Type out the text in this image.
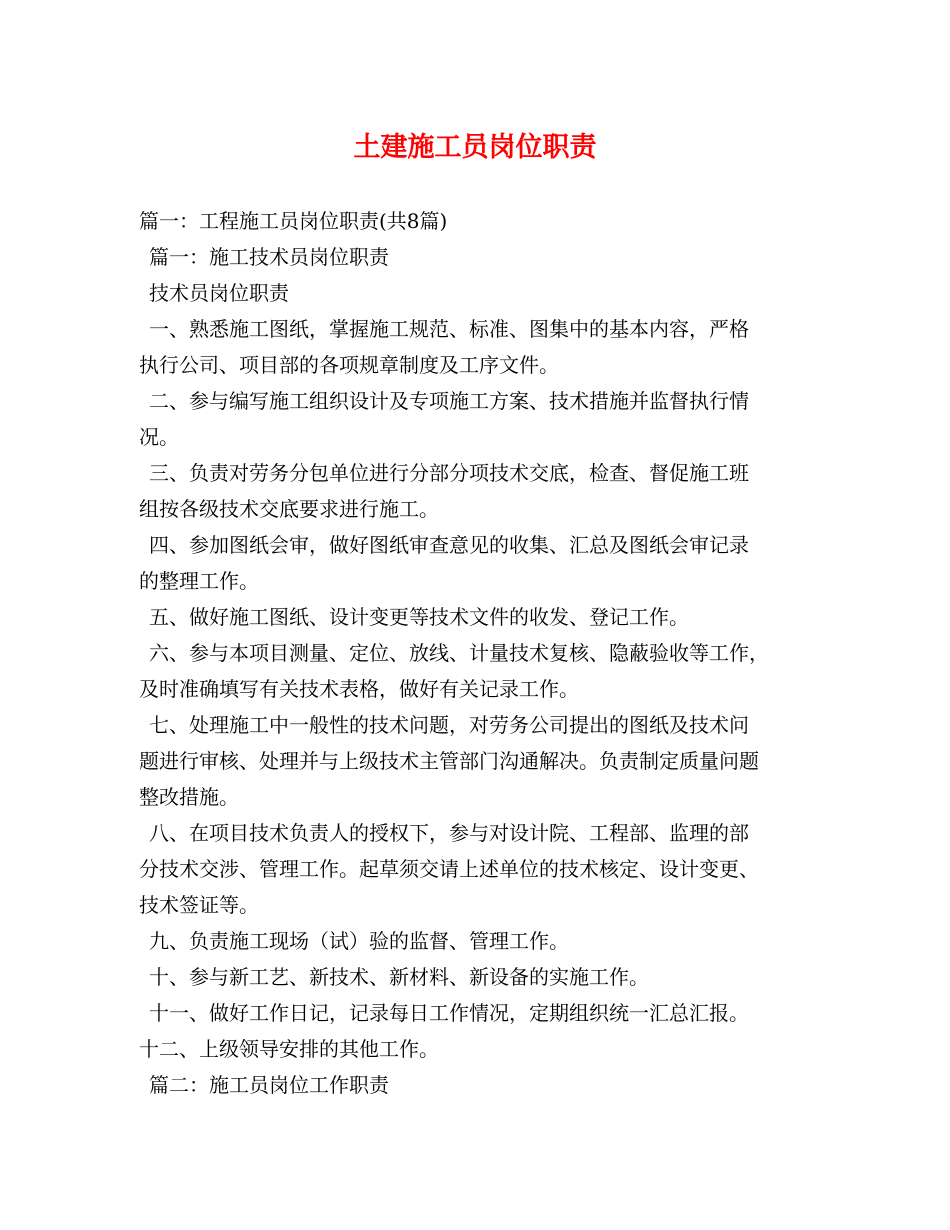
土建施工员岗位职责
篇一：工程施工员岗位职责(共8篇)
篇一：施工技术员岗位职责
技术员岗位职责
一、熟悉施工图纸，掌握施工规范、标准、图集中的基本内容，严格
执行公司、项目部的各项规章制度及工序文件。
二、参与编写施工组织设计及专项施工方案、技术措施并监督执行情
况。
三、负责对劳务分包单位进行分部分项技术交底，检查、督促施工班
组按各级技术交底要求进行施工。
四、参加图纸会审，做好图纸审查意见的收集、汇总及图纸会审记录
的整理工作。
五、做好施工图纸、设计变更等技术文件的收发、登记工作。
六、参与本项目测量、定位、放线、计量技术复核、隐蔽验收等工作，
及时准确填写有关技术表格，做好有关记录工作。
七、处理施工中一般性的技术问题，对劳务公司提出的图纸及技术问
题进行审核、处理并与上级技术主管部门沟通解决。负责制定质量问题
整改措施。
八、在项目技术负责人的授权下，参与对设计院、工程部、监理的部
分技术交涉、管理工作。起草须交请上述单位的技术核定、设计变更、
技术签证等。
九、负责施工现场（试）验的监督、管理工作。
十、参与新工艺、新技术、新材料、新设备的实施工作。
十一、做好工作日记，记录每日工作情况，定期组织统一汇总汇报。
十二、上级领导安排的其他工作。
篇二：施工员岗位工作职责
